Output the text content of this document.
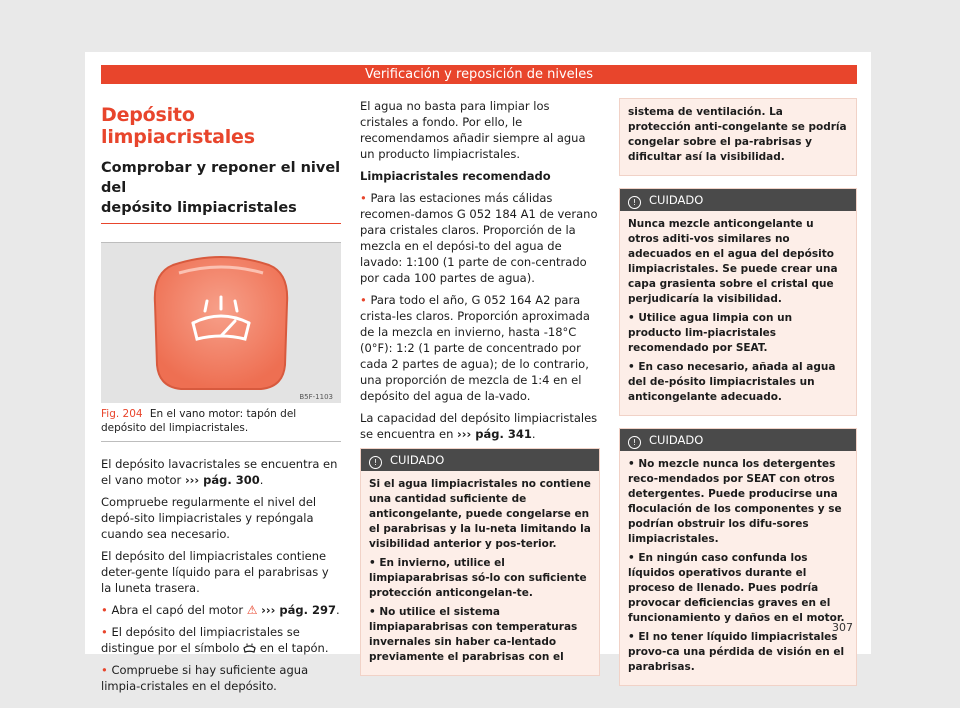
Verificación y reposición de niveles
Depósito limpiacristales
Comprobar y reponer el nivel del
depósito limpiacristales
B5F-1103
Fig. 204 En el vano motor: tapón del depósito del limpiacristales.

El depósito lavacristales se encuentra en el vano motor ››› pág. 300.

Compruebe regularmente el nivel del depó-sito limpiacristales y repóngala cuando sea necesario.

El depósito del limpiacristales contiene deter-gente líquido para el parabrisas y la luneta trasera.

• Abra el capó del motor ⚠ ››› pág. 297.

• El depósito del limpiacristales se distingue por el símbolo en el tapón.

• Compruebe si hay suficiente agua limpia-cristales en el depósito.

El agua no basta para limpiar los cristales a fondo. Por ello, le recomendamos añadir siempre al agua un producto limpiacristales.

Limpiacristales recomendado

• Para las estaciones más cálidas recomen-damos G 052 184 A1 de verano para cristales claros. Proporción de la mezcla en el depósi-to del agua de lavado: 1:100 (1 parte de con-centrado por cada 100 partes de agua).

• Para todo el año, G 052 164 A2 para crista-les claros. Proporción aproximada de la mezcla en invierno, hasta -18°C (0°F): 1:2 (1 parte de concentrado por cada 2 partes de agua); de lo contrario, una proporción de mezcla de 1:4 en el depósito del agua de la-vado.

La capacidad del depósito limpiacristales se encuentra en ››› pág. 341.

! CUIDADO

Si el agua limpiacristales no contiene una cantidad suficiente de anticongelante, puede congelarse en el parabrisas y la lu-neta limitando la visibilidad anterior y pos-terior.

• En invierno, utilice el limpiaparabrisas só-lo con suficiente protección anticongelan-te.

• No utilice el sistema limpiaparabrisas con temperaturas invernales sin haber ca-lentado previamente el parabrisas con el

sistema de ventilación. La protección anti-congelante se podría congelar sobre el pa-rabrisas y dificultar así la visibilidad.

! CUIDADO

Nunca mezcle anticongelante u otros aditi-vos similares no adecuados en el agua del depósito limpiacristales. Se puede crear una capa grasienta sobre el cristal que perjudicaría la visibilidad.

• Utilice agua limpia con un producto lim-piacristales recomendado por SEAT.

• En caso necesario, añada al agua del de-pósito limpiacristales un anticongelante adecuado.

! CUIDADO

• No mezcle nunca los detergentes reco-mendados por SEAT con otros detergentes. Puede producirse una floculación de los componentes y se podrían obstruir los difu-sores limpiacristales.

• En ningún caso confunda los líquidos operativos durante el proceso de llenado. Pues podría provocar deficiencias graves en el funcionamiento y daños en el motor.

• El no tener líquido limpiacristales provo-ca una pérdida de visión en el parabrisas.

307
